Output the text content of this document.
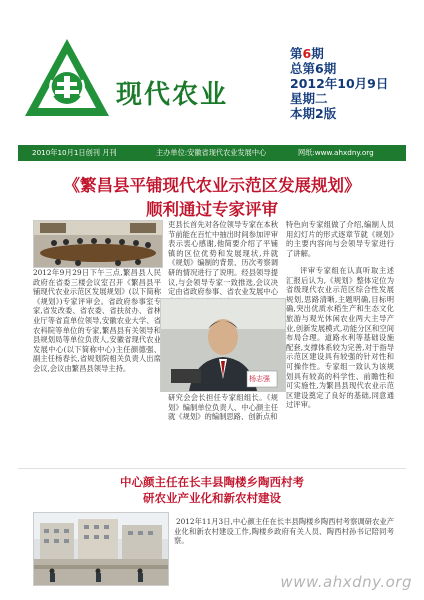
现代农业
第6期
总第6期
2012年10月9日
星期二
本期2版
2010年10月1日创刊 月刊	主办单位:安徽省现代农业发展中心	网纸:www.ahxdny.org
《繁昌县平铺现代农业示范区发展规划》
顺利通过专家评审
2012年9月29日下午三点,繁昌县人民政府在省委三楼会议室召开《繁昌县平铺现代农业示范区发展规划》(以下简称《规划》)专家评审会。省政府参事室专家,省发改委、省农委、省扶贫办、省林业厅等省直单位领导,安徽农业大学、省农科院等单位的专家,繁昌县有关领导和县规划局等单位负责人,安徽省现代农业发展中心(以下简称中心)主任颜德强、副主任杨春长,省规划院相关负责人出席会议,会议由繁昌县领导主持。
吏县长首先对各位领导专家在本秋节前能在百忙中抽出时间参加评审表示衷心感谢,他简要介绍了平铺镇的区位优势和发展现状,并就《规划》编制的背景、历次考察调研的情况进行了说明。经县领导提议,与会领导专家一致推选,会议决定由省政府参事、省农业发展中心
杨志强
研究会会长担任专家组组长。《规划》编制单位负责人、中心颜主任就《规划》的编制思路、创新点和
特色向专家组做了介绍,编制人员用幻灯片的形式逐章节就《规划》的主要内容向与会领导专家进行了讲解。
评审专家组在认真听取主述汇报后认为,《规划》整体定位为省级现代农业示范区综合性发展规划,思路清晰,主题明确,目标明确,突出优质水稻生产和生态文化旅游与观光休闲农业两大主导产业,创新发展模式,功能分区和空间布局合理。道路水利等基础设施配套,支撑体系较为完善,对于指导示范区建设具有较强的针对性和可操作性。专家组一致认为该规划具有较高的科学性、前瞻性和可实施性,为繁昌县现代农业示范区建设奠定了良好的基础,同意通过评审。
中心颜主任在长丰县陶楼乡陶西村考
研农业产业化和新农村建设
2012年11月3日,中心颜主任在长丰县陶楼乡陶西村考察调研农业产业化和新农村建设工作,陶楼乡政府有关人员、陶西村孙书记陪同考察。
www.ahxdny.org
